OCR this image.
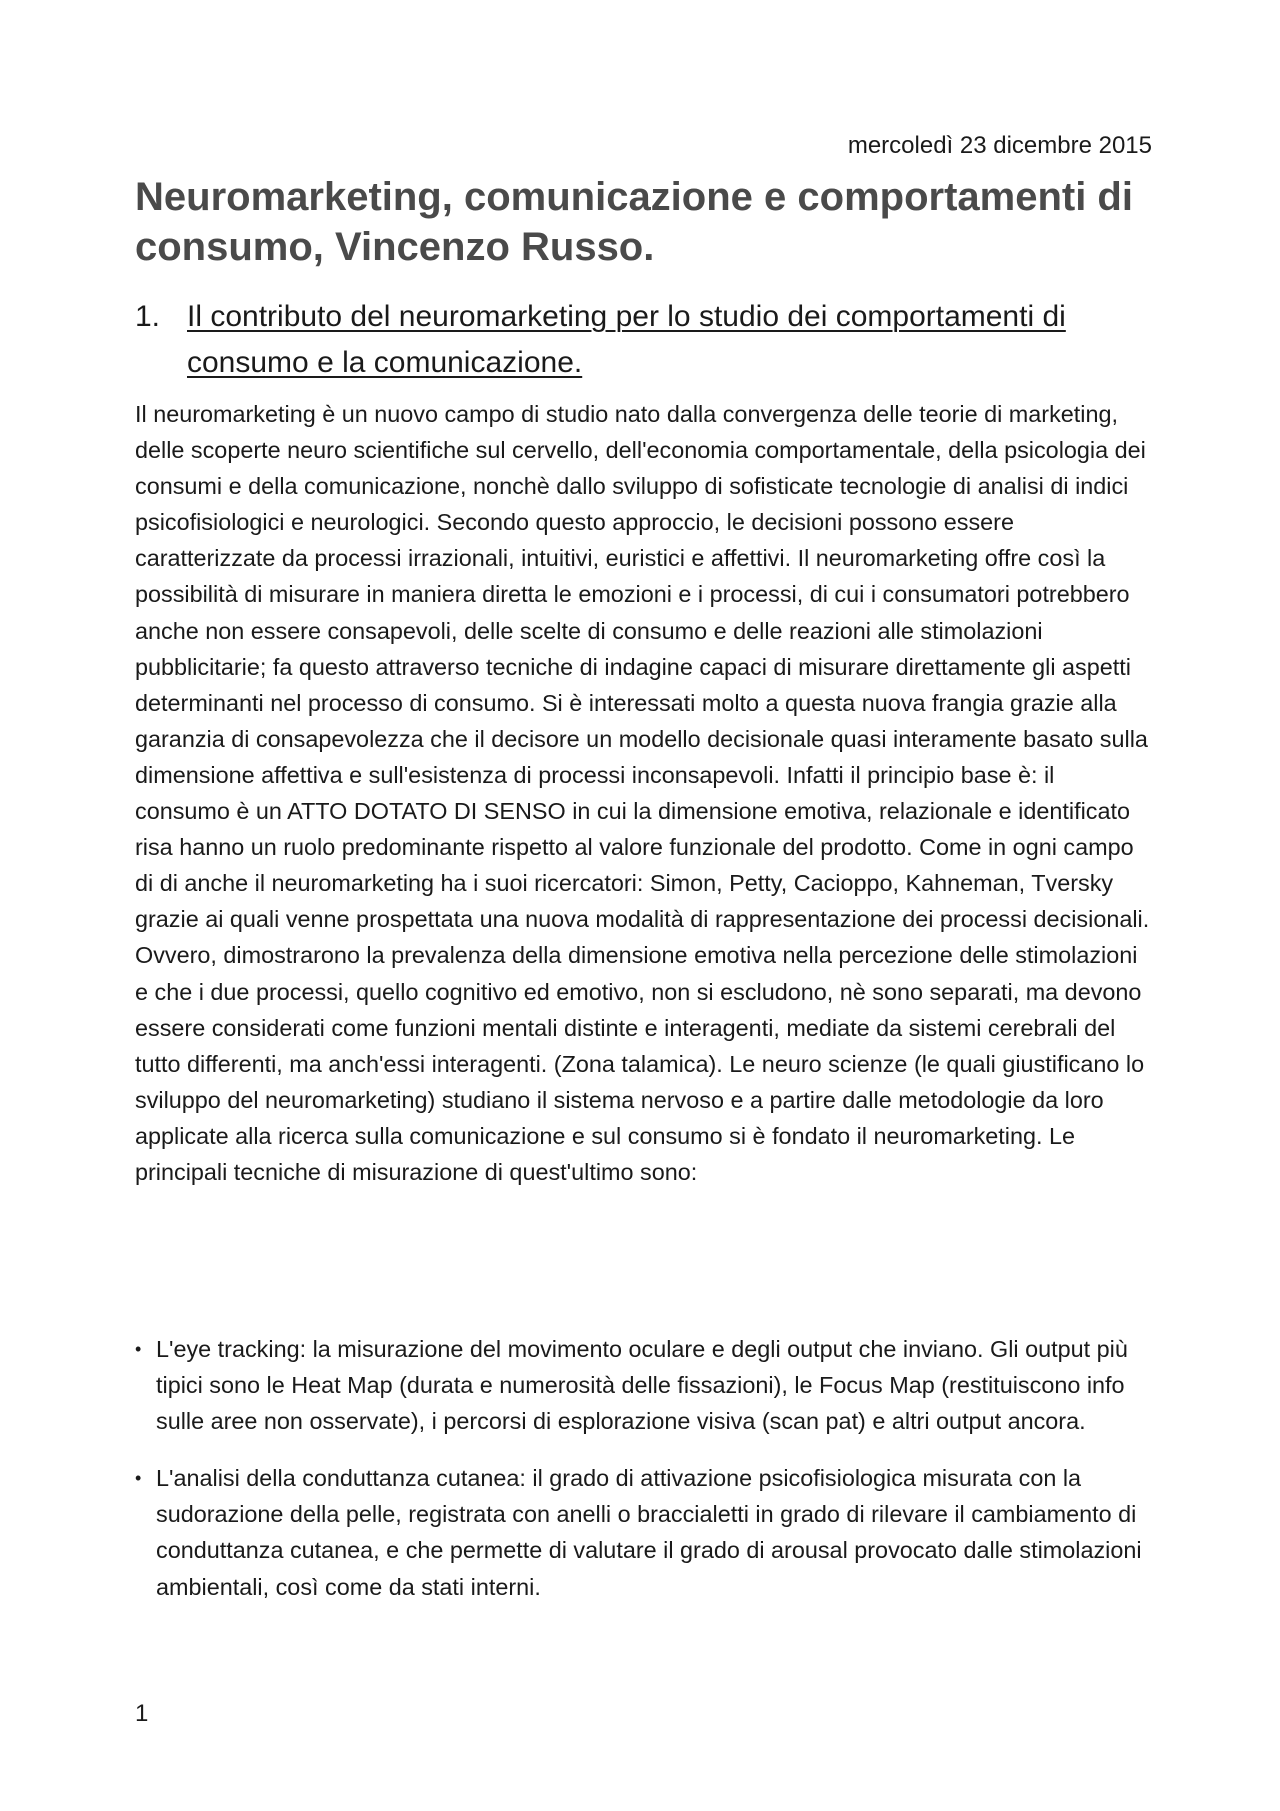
mercoledì 23 dicembre 2015
Neuromarketing, comunicazione e comportamenti di consumo, Vincenzo Russo.
1. Il contributo del neuromarketing per lo studio dei comportamenti di consumo e la comunicazione.

Il neuromarketing è un nuovo campo di studio nato dalla convergenza delle teorie di marketing, delle scoperte neuro scientifiche sul cervello, dell'economia comportamentale, della psicologia dei consumi e della comunicazione, nonchè dallo sviluppo di sofisticate tecnologie di analisi di indici psicofisiologici e neurologici. Secondo questo approccio, le decisioni possono essere caratterizzate da processi irrazionali, intuitivi, euristici e affettivi. Il neuromarketing offre così la possibilità di misurare in maniera diretta le emozioni e i processi, di cui i consumatori potrebbero anche non essere consapevoli, delle scelte di consumo e delle reazioni alle stimolazioni pubblicitarie; fa questo attraverso tecniche di indagine capaci di misurare direttamente gli aspetti determinanti nel processo di consumo. Si è interessati molto a questa nuova frangia grazie alla garanzia di consapevolezza che il decisore un modello decisionale quasi interamente basato sulla dimensione affettiva e sull'esistenza di processi inconsapevoli. Infatti il principio base è: il consumo è un ATTO DOTATO DI SENSO in cui la dimensione emotiva, relazionale e identificato risa hanno un ruolo predominante rispetto al valore funzionale del prodotto. Come in ogni campo di di anche il neuromarketing ha i suoi ricercatori: Simon, Petty, Cacioppo, Kahneman, Tversky grazie ai quali venne prospettata una nuova modalità di rappresentazione dei processi decisionali. Ovvero, dimostrarono la prevalenza della dimensione emotiva nella percezione delle stimolazioni e che i due processi, quello cognitivo ed emotivo, non si escludono, nè sono separati, ma devono essere considerati come funzioni mentali distinte e interagenti, mediate da sistemi cerebrali del tutto differenti, ma anch'essi interagenti. (Zona talamica). Le neuro scienze (le quali giustificano lo sviluppo del neuromarketing) studiano il sistema nervoso e a partire dalle metodologie da loro applicate alla ricerca sulla comunicazione e sul consumo si è fondato il neuromarketing. Le principali tecniche di misurazione di quest'ultimo sono:

• L'eye tracking: la misurazione del movimento oculare e degli output che inviano. Gli output più tipici sono le Heat Map (durata e numerosità delle fissazioni), le Focus Map (restituiscono info sulle aree non osservate), i percorsi di esplorazione visiva (scan pat) e altri output ancora.
• L'analisi della conduttanza cutanea: il grado di attivazione psicofisiologica misurata con la sudorazione della pelle, registrata con anelli o braccialetti in grado di rilevare il cambiamento di conduttanza cutanea, e che permette di valutare il grado di arousal provocato dalle stimolazioni ambientali, così come da stati interni.
1
